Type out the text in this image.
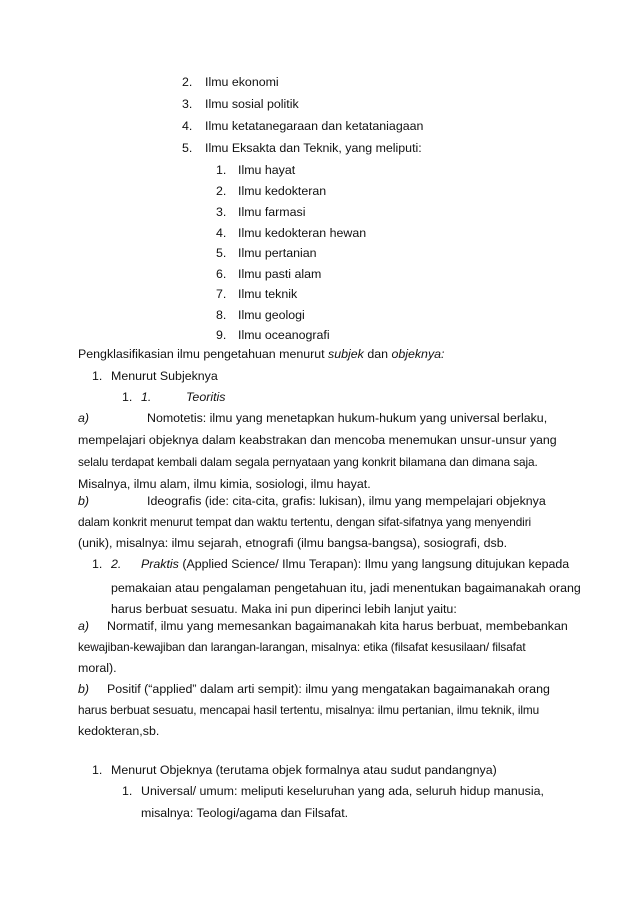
2. Ilmu ekonomi
3. Ilmu sosial politik
4. Ilmu ketatanegaraan dan ketataniagaan
5. Ilmu Eksakta dan Teknik, yang meliputi:
1. Ilmu hayat
2. Ilmu kedokteran
3. Ilmu farmasi
4. Ilmu kedokteran hewan
5. Ilmu pertanian
6. Ilmu pasti alam
7. Ilmu teknik
8. Ilmu geologi
9. Ilmu oceanografi
Pengklasifikasian ilmu pengetahuan menurut subjek dan objeknya:
1. Menurut Subjeknya
1. 1.	Teoritis
a)	Nomotetis: ilmu yang menetapkan hukum-hukum yang universal berlaku,
mempelajari objeknya dalam keabstrakan dan mencoba menemukan unsur-unsur yang
selalu terdapat kembali dalam segala pernyataan yang konkrit bilamana dan dimana saja.
Misalnya, ilmu alam, ilmu kimia, sosiologi, ilmu hayat.
b)	Ideografis (ide: cita-cita, grafis: lukisan), ilmu yang mempelajari objeknya
dalam konkrit menurut tempat dan waktu tertentu, dengan sifat-sifatnya yang menyendiri
(unik), misalnya: ilmu sejarah, etnografi (ilmu bangsa-bangsa), sosiografi, dsb.
1. 2. Praktis (Applied Science/ Ilmu Terapan): Ilmu yang langsung ditujukan kepada
pemakaian atau pengalaman pengetahuan itu, jadi menentukan bagaimanakah orang
harus berbuat sesuatu. Maka ini pun diperinci lebih lanjut yaitu:
a) Normatif, ilmu yang memesankan bagaimanakah kita harus berbuat, membebankan
kewajiban-kewajiban dan larangan-larangan, misalnya: etika (filsafat kesusilaan/ filsafat
moral).
b) Positif (“applied” dalam arti sempit): ilmu yang mengatakan bagaimanakah orang
harus berbuat sesuatu, mencapai hasil tertentu, misalnya: ilmu pertanian, ilmu teknik, ilmu
kedokteran,sb.
1. Menurut Objeknya (terutama objek formalnya atau sudut pandangnya)
1. Universal/ umum: meliputi keseluruhan yang ada, seluruh hidup manusia,
misalnya: Teologi/agama dan Filsafat.
